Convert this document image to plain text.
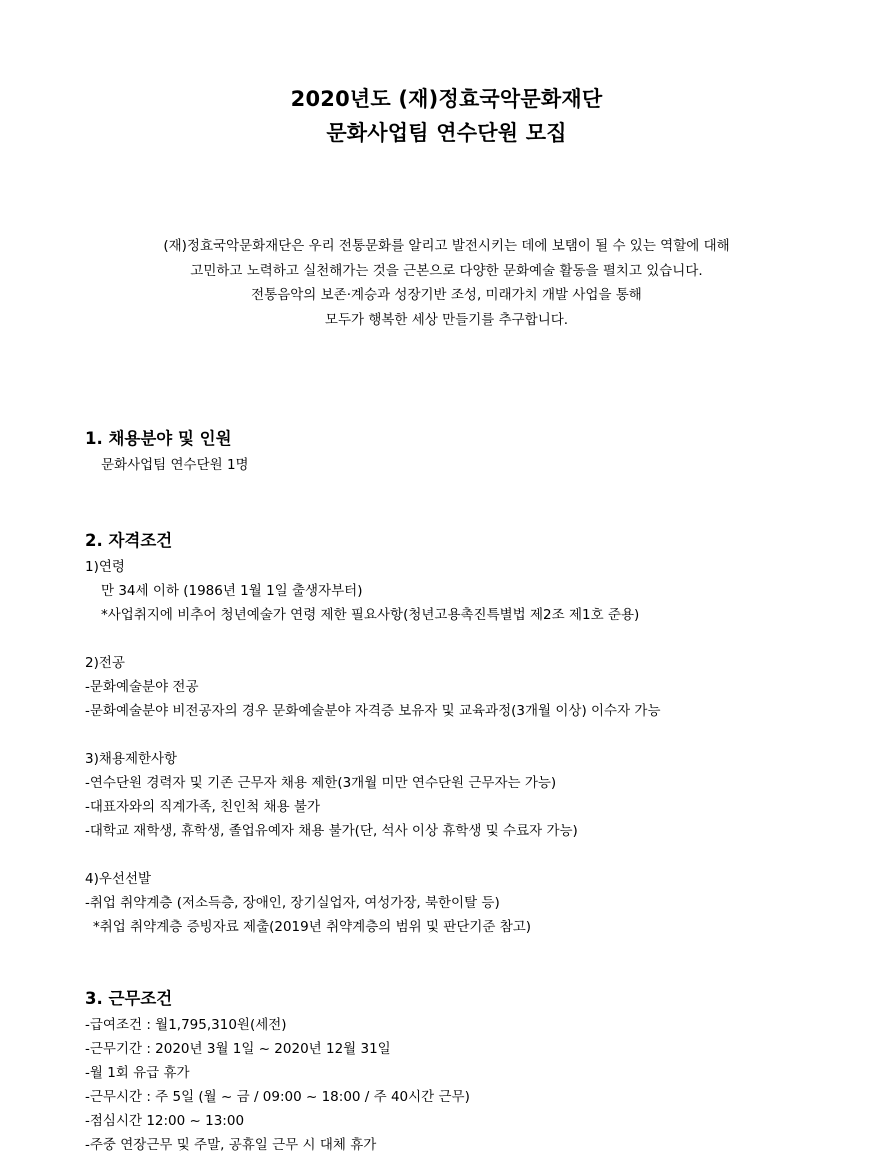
2020년도 (재)정효국악문화재단
문화사업팀 연수단원 모집
(재)정효국악문화재단은 우리 전통문화를 알리고 발전시키는 데에 보탬이 될 수 있는 역할에 대해
고민하고 노력하고 실천해가는 것을 근본으로 다양한 문화예술 활동을 펼치고 있습니다.
전통음악의 보존·계승과 성장기반 조성, 미래가치 개발 사업을 통해
모두가 행복한 세상 만들기를 추구합니다.
1. 채용분야 및 인원
문화사업팀 연수단원 1명
2. 자격조건
1)연령
만 34세 이하 (1986년 1월 1일 출생자부터)
*사업취지에 비추어 청년예술가 연령 제한 필요사항(청년고용촉진특별법 제2조 제1호 준용)
2)전공
-문화예술분야 전공
-문화예술분야 비전공자의 경우 문화예술분야 자격증 보유자 및 교육과정(3개월 이상) 이수자 가능
3)채용제한사항
-연수단원 경력자 및 기존 근무자 채용 제한(3개월 미만 연수단원 근무자는 가능)
-대표자와의 직계가족, 친인척 채용 불가
-대학교 재학생, 휴학생, 졸업유예자 채용 불가(단, 석사 이상 휴학생 및 수료자 가능)
4)우선선발
-취업 취약계층 (저소득층, 장애인, 장기실업자, 여성가장, 북한이탈 등)
*취업 취약계층 증빙자료 제출(2019년 취약계층의 범위 및 판단기준 참고)
3. 근무조건
-급여조건 : 월1,795,310원(세전)
-근무기간 : 2020년 3월 1일 ~ 2020년 12월 31일
-월 1회 유급 휴가
-근무시간 : 주 5일 (월 ~ 금 / 09:00 ~ 18:00 / 주 40시간 근무)
-점심시간 12:00 ~ 13:00
-주중 연장근무 및 주말, 공휴일 근무 시 대체 휴가
